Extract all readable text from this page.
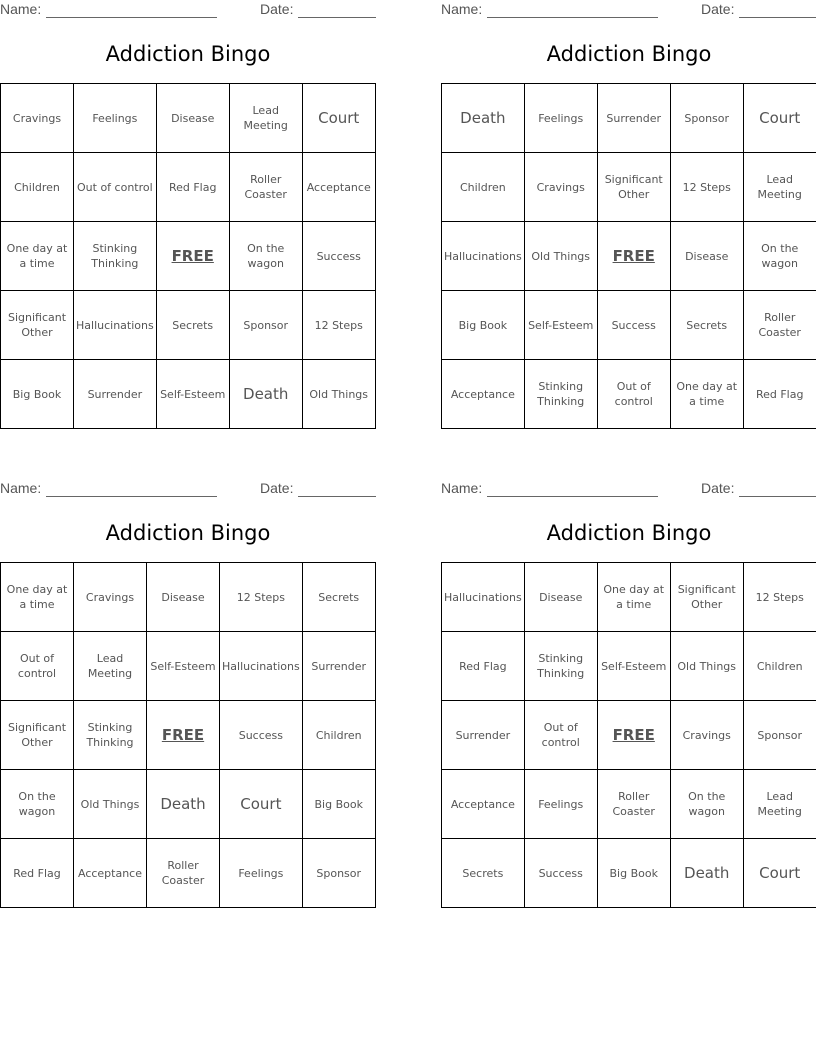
Name:	Date:
Addiction Bingo
Cravings	Feelings	Disease	Lead Meeting	Court
Children	Out of control	Red Flag	Roller Coaster	Acceptance
One day at a time	Stinking Thinking	FREE	On the wagon	Success
Significant Other	Hallucinations	Secrets	Sponsor	12 Steps
Big Book	Surrender	Self-Esteem	Death	Old Things
Name:	Date:
Addiction Bingo
Death	Feelings	Surrender	Sponsor	Court
Children	Cravings	Significant Other	12 Steps	Lead Meeting
Hallucinations	Old Things	FREE	Disease	On the wagon
Big Book	Self-Esteem	Success	Secrets	Roller Coaster
Acceptance	Stinking Thinking	Out of control	One day at a time	Red Flag
Name:	Date:
Addiction Bingo
One day at a time	Cravings	Disease	12 Steps	Secrets
Out of control	Lead Meeting	Self-Esteem	Hallucinations	Surrender
Significant Other	Stinking Thinking	FREE	Success	Children
On the wagon	Old Things	Death	Court	Big Book
Red Flag	Acceptance	Roller Coaster	Feelings	Sponsor
Name:	Date:
Addiction Bingo
Hallucinations	Disease	One day at a time	Significant Other	12 Steps
Red Flag	Stinking Thinking	Self-Esteem	Old Things	Children
Surrender	Out of control	FREE	Cravings	Sponsor
Acceptance	Feelings	Roller Coaster	On the wagon	Lead Meeting
Secrets	Success	Big Book	Death	Court
